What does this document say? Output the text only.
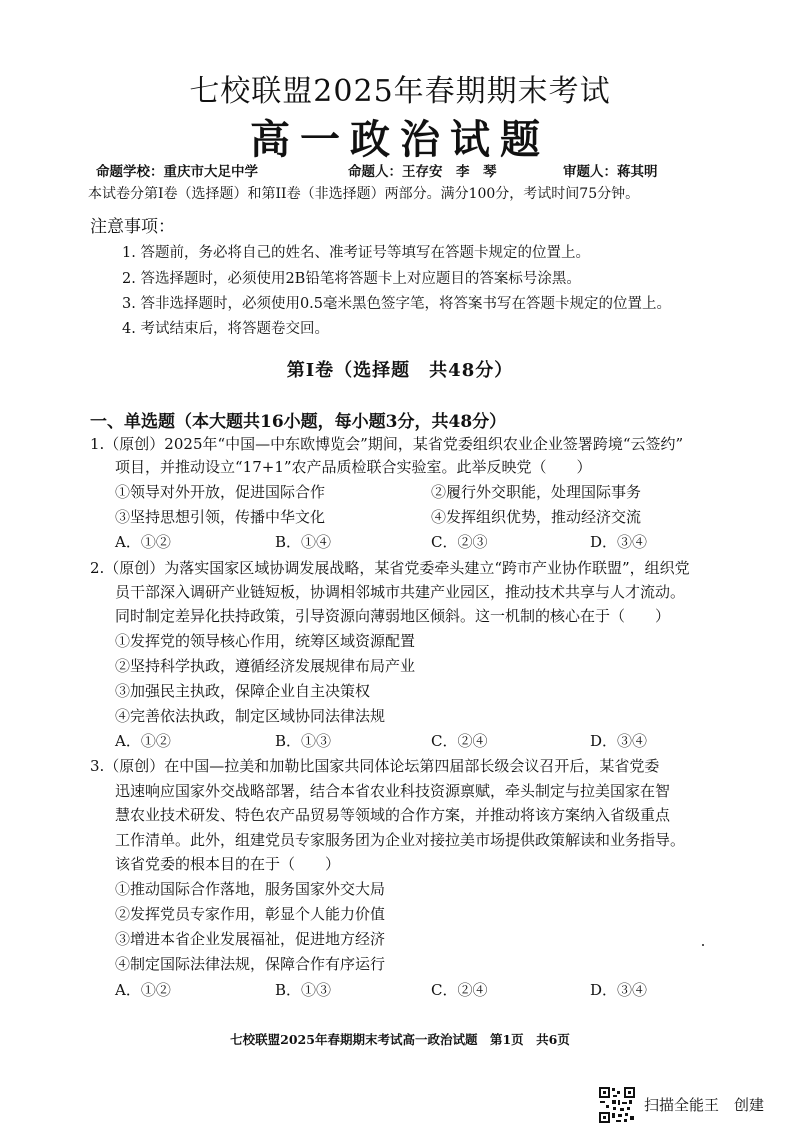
七校联盟2025年春期期末考试
高一政治试题
命题学校：重庆市大足中学	命题人：王存安　李　琴	审题人：蒋其明
本试卷分第I卷（选择题）和第II卷（非选择题）两部分。满分100分，考试时间75分钟。
注意事项：
1. 答题前，务必将自己的姓名、准考证号等填写在答题卡规定的位置上。
2. 答选择题时，必须使用2B铅笔将答题卡上对应题目的答案标号涂黑。
3. 答非选择题时，必须使用0.5毫米黑色签字笔，将答案书写在答题卡规定的位置上。
4. 考试结束后，将答题卷交回。
第I卷（选择题　共48分）
一、单选题（本大题共16小题，每小题3分，共48分）
1.（原创）2025年“中国—中东欧博览会”期间，某省党委组织农业企业签署跨境“云签约”
项目，并推动设立“17+1”农产品质检联合实验室。此举反映党（　　）
①领导对外开放，促进国际合作	②履行外交职能，处理国际事务
③坚持思想引领，传播中华文化	④发挥组织优势，推动经济交流
A．①②	B．①④	C．②③	D．③④
2.（原创）为落实国家区域协调发展战略，某省党委牵头建立“跨市产业协作联盟”，组织党
员干部深入调研产业链短板，协调相邻城市共建产业园区，推动技术共享与人才流动。
同时制定差异化扶持政策，引导资源向薄弱地区倾斜。这一机制的核心在于（　　）
①发挥党的领导核心作用，统筹区域资源配置
②坚持科学执政，遵循经济发展规律布局产业
③加强民主执政，保障企业自主决策权
④完善依法执政，制定区域协同法律法规
A．①②	B．①③	C．②④	D．③④
3.（原创）在中国—拉美和加勒比国家共同体论坛第四届部长级会议召开后，某省党委
迅速响应国家外交战略部署，结合本省农业科技资源禀赋，牵头制定与拉美国家在智
慧农业技术研发、特色农产品贸易等领域的合作方案，并推动将该方案纳入省级重点
工作清单。此外，组建党员专家服务团为企业对接拉美市场提供政策解读和业务指导。
该省党委的根本目的在于（　　）
①推动国际合作落地，服务国家外交大局
②发挥党员专家作用，彰显个人能力价值
③增进本省企业发展福祉，促进地方经济
④制定国际法律法规，保障合作有序运行
A．①②	B．①③	C．②④	D．③④
七校联盟2025年春期期末考试高一政治试题　第1页　共6页
扫描全能王　创建
